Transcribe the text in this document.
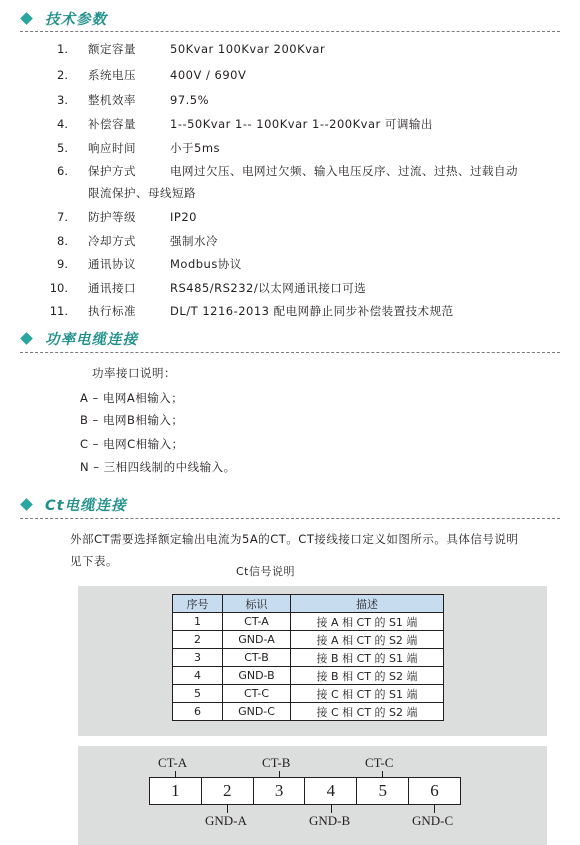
技术参数
1. 额定容量	50Kvar 100Kvar 200Kvar
2. 系统电压	400V / 690V
3. 整机效率	97.5%
4. 补偿容量	1--50Kvar 1-- 100Kvar 1--200Kvar 可调输出
5. 响应时间	小于5ms
6. 保护方式	电网过欠压、电网过欠频、输入电压反序、过流、过热、过载自动
限流保护、母线短路
7. 防护等级	IP20
8. 冷却方式	强制水冷
9. 通讯协议	Modbus协议
10. 通讯接口	RS485/RS232/以太网通讯接口可选
11. 执行标准	DL/T 1216-2013 配电网静止同步补偿装置技术规范
功率电缆连接
功率接口说明：
A – 电网A相输入；
B – 电网B相输入；
C – 电网C相输入；
N – 三相四线制的中线输入。
Ct电缆连接
外部CT需要选择额定输出电流为5A的CT。CT接线接口定义如图所示。具体信号说明
见下表。
Ct信号说明
序号	标识	描述
1	CT-A	接 A 相 CT 的 S1 端
2	GND-A	接 A 相 CT 的 S2 端
3	CT-B	接 B 相 CT 的 S1 端
4	GND-B	接 B 相 CT 的 S2 端
5	CT-C	接 C 相 CT 的 S1 端
6	GND-C	接 C 相 CT 的 S2 端
CT-A	CT-B	CT-C
1	2	3	4	5	6
GND-A	GND-B	GND-C
